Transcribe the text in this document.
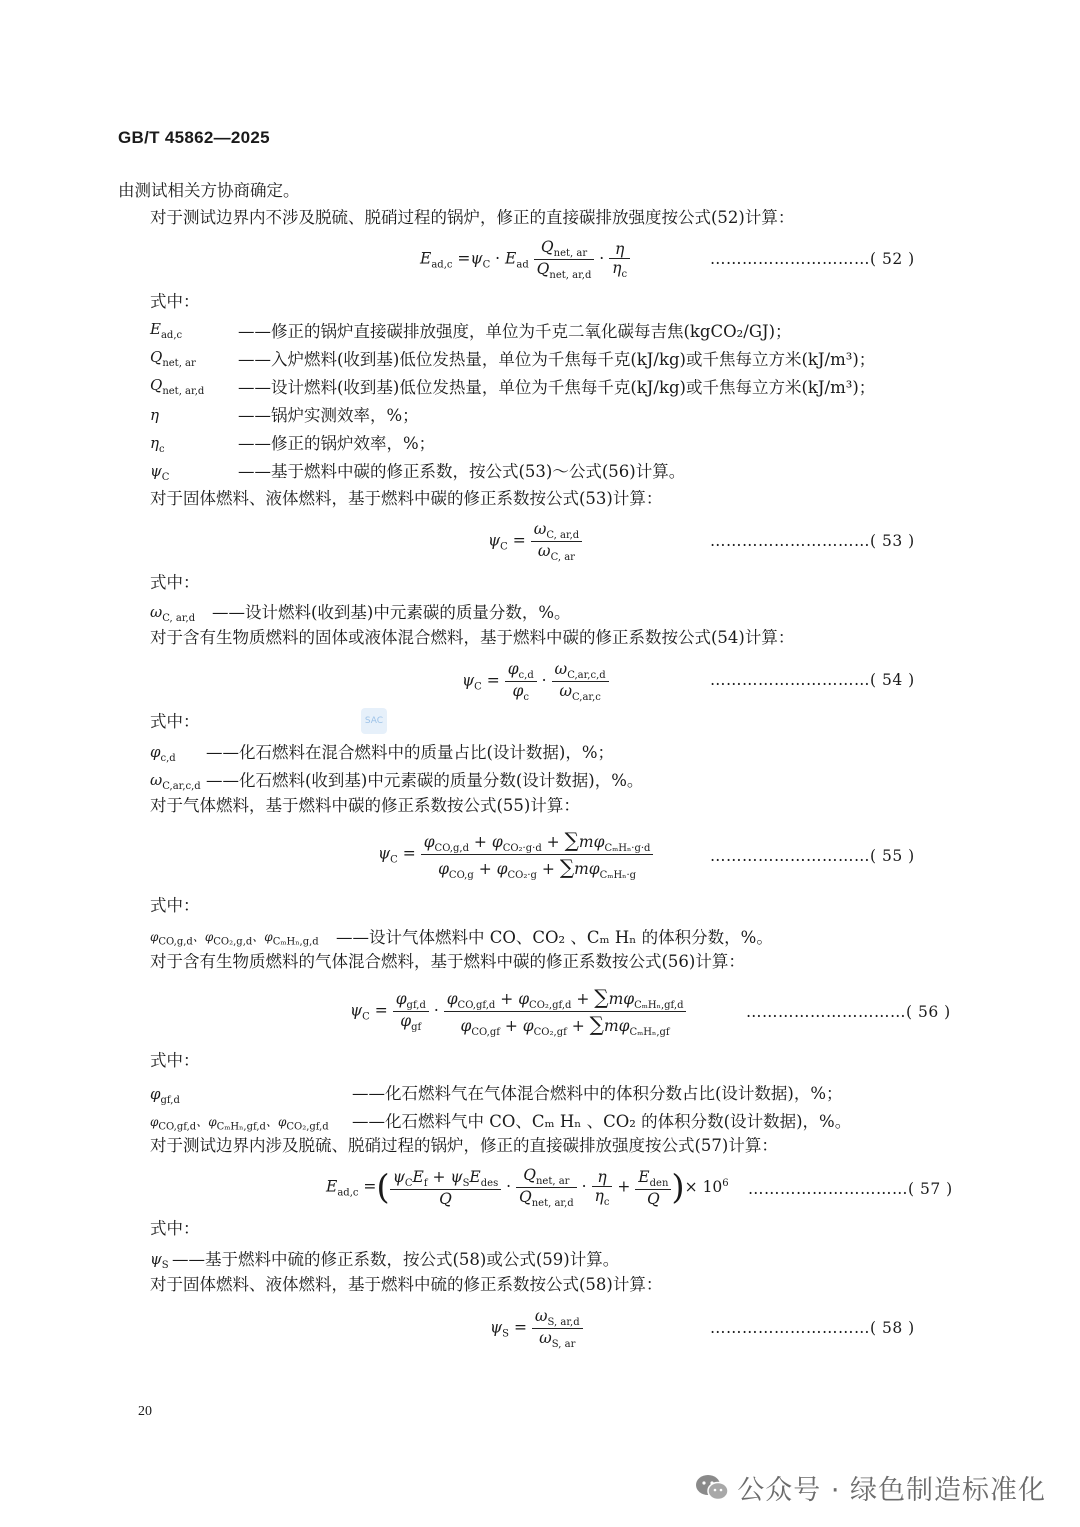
GB/T 45862—2025
由测试相关方协商确定。
对于测试边界内不涉及脱硫、脱硝过程的锅炉，修正的直接碳排放强度按公式(52)计算：
$E_{ad,c} =\psi_C \cdot E_{ad} \frac{Q_{net, ar}}{Q_{net, ar,d}} \cdot \frac{\eta}{\eta_c}$	…………………………( 52 )
式中：
$E_{ad,c}$	——修正的锅炉直接碳排放强度，单位为千克二氧化碳每吉焦(kgCO₂/GJ)；
$Q_{net, ar}$	——入炉燃料(收到基)低位发热量，单位为千焦每千克(kJ/kg)或千焦每立方米(kJ/m³)；
$Q_{net, ar,d}$ ——设计燃料(收到基)低位发热量，单位为千焦每千克(kJ/kg)或千焦每立方米(kJ/m³)；
η	——锅炉实测效率，%；
$\eta_c$	——修正的锅炉效率，%；
$\psi_C$	——基于燃料中碳的修正系数，按公式(53)～公式(56)计算。
对于固体燃料、液体燃料，基于燃料中碳的修正系数按公式(53)计算：
$\psi_C = \frac{\omega_{C, ar,d}}{\omega_{C, ar}}$	…………………………( 53 )
式中：
$\omega_{C, ar,d}$ ——设计燃料(收到基)中元素碳的质量分数，%。
对于含有生物质燃料的固体或液体混合燃料，基于燃料中碳的修正系数按公式(54)计算：
$\psi_C = \frac{\varphi_{c,d}}{\varphi_c} \cdot \frac{\omega_{C,ar,c,d}}{\omega_{C,ar,c}}$	…………………………( 54 )
SAC
式中：
$\varphi_{c,d}$ ——化石燃料在混合燃料中的质量占比(设计数据)，%；
$\omega_{C,ar,c,d}$ ——化石燃料(收到基)中元素碳的质量分数(设计数据)，%。
对于气体燃料，基于燃料中碳的修正系数按公式(55)计算：
$\psi_C = \frac{\varphi_{CO,g,d} + \varphi_{CO_2\cdot g\cdot d} + \sum m\varphi_{C_mH_n\cdot g\cdot d}}{\varphi_{CO,g} + \varphi_{CO_2\cdot g} + \sum m\varphi_{C_mH_n\cdot g}}$	…………………………( 55 )
式中：
$\varphi_{CO,g,d}$、$\varphi_{CO_2,g,d}$、$\varphi_{C_mH_n,g,d}$ ——设计气体燃料中 CO、CO₂ 、Cₘ Hₙ 的体积分数，%。
对于含有生物质燃料的气体混合燃料，基于燃料中碳的修正系数按公式(56)计算：
$\psi_C = \frac{\varphi_{gf,d}}{\varphi_{gf}} \cdot \frac{\varphi_{CO,gf,d} + \varphi_{CO_2,gf,d} + \sum m\varphi_{C_mH_n,gf,d}}{\varphi_{CO,gf} + \varphi_{CO_2,gf} + \sum m\varphi_{C_mH_n,gf}}$	…………………………( 56 )
式中：
$\varphi_{gf,d}$	——化石燃料气在气体混合燃料中的体积分数占比(设计数据)，%；
$\varphi_{CO,gf,d}$、$\varphi_{C_mH_n,gf,d}$、$\varphi_{CO_2,gf,d}$ ——化石燃料气中 CO、Cₘ Hₙ 、CO₂ 的体积分数(设计数据)，%。
对于测试边界内涉及脱硫、脱硝过程的锅炉，修正的直接碳排放强度按公式(57)计算：
$E_{ad,c}$ =( $\frac{\psi_CE_f + \psi_SE_{des}}{Q} \cdot \frac{Q_{net, ar}}{Q_{net, ar,d}} \cdot \frac{\eta}{\eta_c} + \frac{E_{den}}{Q}$ )× $10^6$ …………………………( 57 )
式中：
$\psi_S$ ——基于燃料中硫的修正系数，按公式(58)或公式(59)计算。
对于固体燃料、液体燃料，基于燃料中硫的修正系数按公式(58)计算：
$\psi_S = \frac{\omega_{S, ar,d}}{\omega_{S, ar}}$	…………………………( 58 )
20
公众号 · 绿色制造标准化
